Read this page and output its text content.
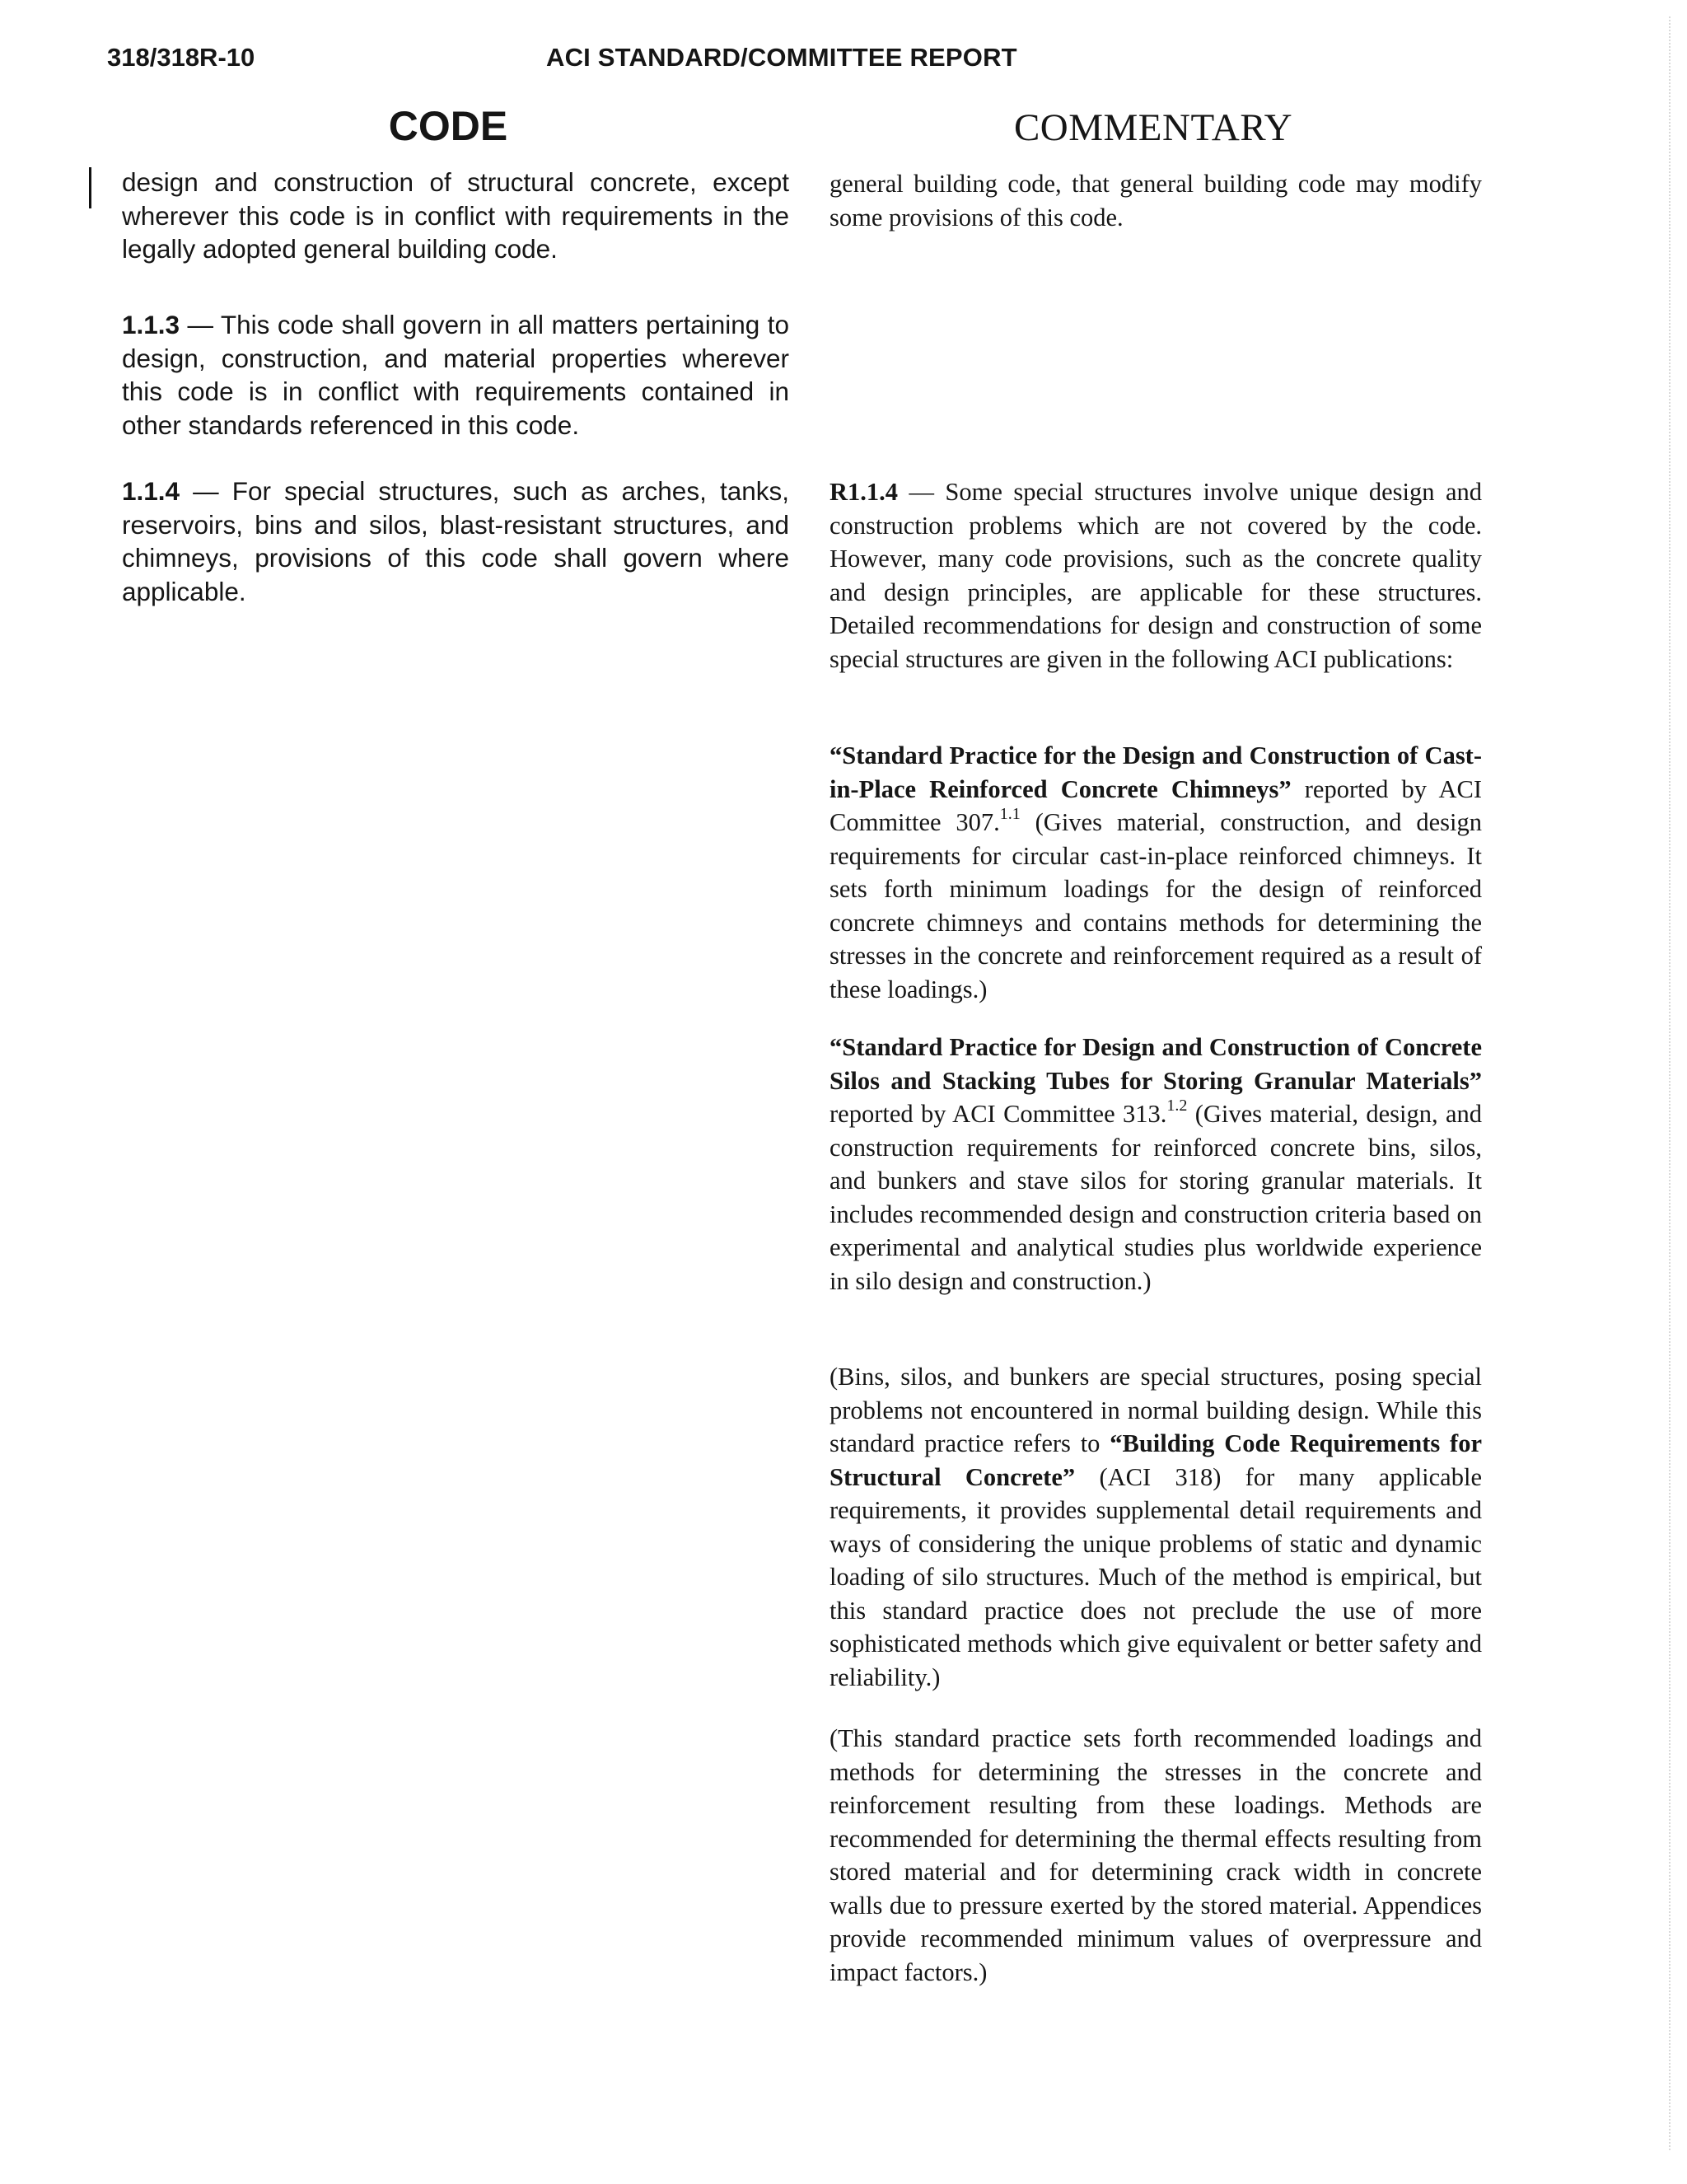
318/318R-10	ACI STANDARD/COMMITTEE REPORT
CODE	COMMENTARY

design and construction of structural concrete, except wherever this code is in conflict with requirements in the legally adopted general building code.

1.1.3 — This code shall govern in all matters pertaining to design, construction, and material properties wherever this code is in conflict with requirements contained in other standards referenced in this code.

1.1.4 — For special structures, such as arches, tanks, reservoirs, bins and silos, blast-resistant structures, and chimneys, provisions of this code shall govern where applicable.

general building code, that general building code may modify some provisions of this code.

R1.1.4 — Some special structures involve unique design and construction problems which are not covered by the code. However, many code provisions, such as the concrete quality and design principles, are applicable for these structures. Detailed recommendations for design and construction of some special structures are given in the following ACI publications:

“Standard Practice for the Design and Construction of Cast-in-Place Reinforced Concrete Chimneys” reported by ACI Committee 307.$^{1.1}$ (Gives material, construction, and design requirements for circular cast-in-place reinforced chimneys. It sets forth minimum loadings for the design of reinforced concrete chimneys and contains methods for determining the stresses in the concrete and reinforcement required as a result of these loadings.)

“Standard Practice for Design and Construction of Concrete Silos and Stacking Tubes for Storing Granular Materials” reported by ACI Committee 313.$^{1.2}$ (Gives material, design, and construction requirements for reinforced concrete bins, silos, and bunkers and stave silos for storing granular materials. It includes recommended design and construction criteria based on experimental and analytical studies plus worldwide experience in silo design and construction.)

(Bins, silos, and bunkers are special structures, posing special problems not encountered in normal building design. While this standard practice refers to “Building Code Requirements for Structural Concrete” (ACI 318) for many applicable requirements, it provides supplemental detail requirements and ways of considering the unique problems of static and dynamic loading of silo structures. Much of the method is empirical, but this standard practice does not preclude the use of more sophisticated methods which give equivalent or better safety and reliability.)

(This standard practice sets forth recommended loadings and methods for determining the stresses in the concrete and reinforcement resulting from these loadings. Methods are recommended for determining the thermal effects resulting from stored material and for determining crack width in concrete walls due to pressure exerted by the stored material. Appendices provide recommended minimum values of overpressure and impact factors.)
